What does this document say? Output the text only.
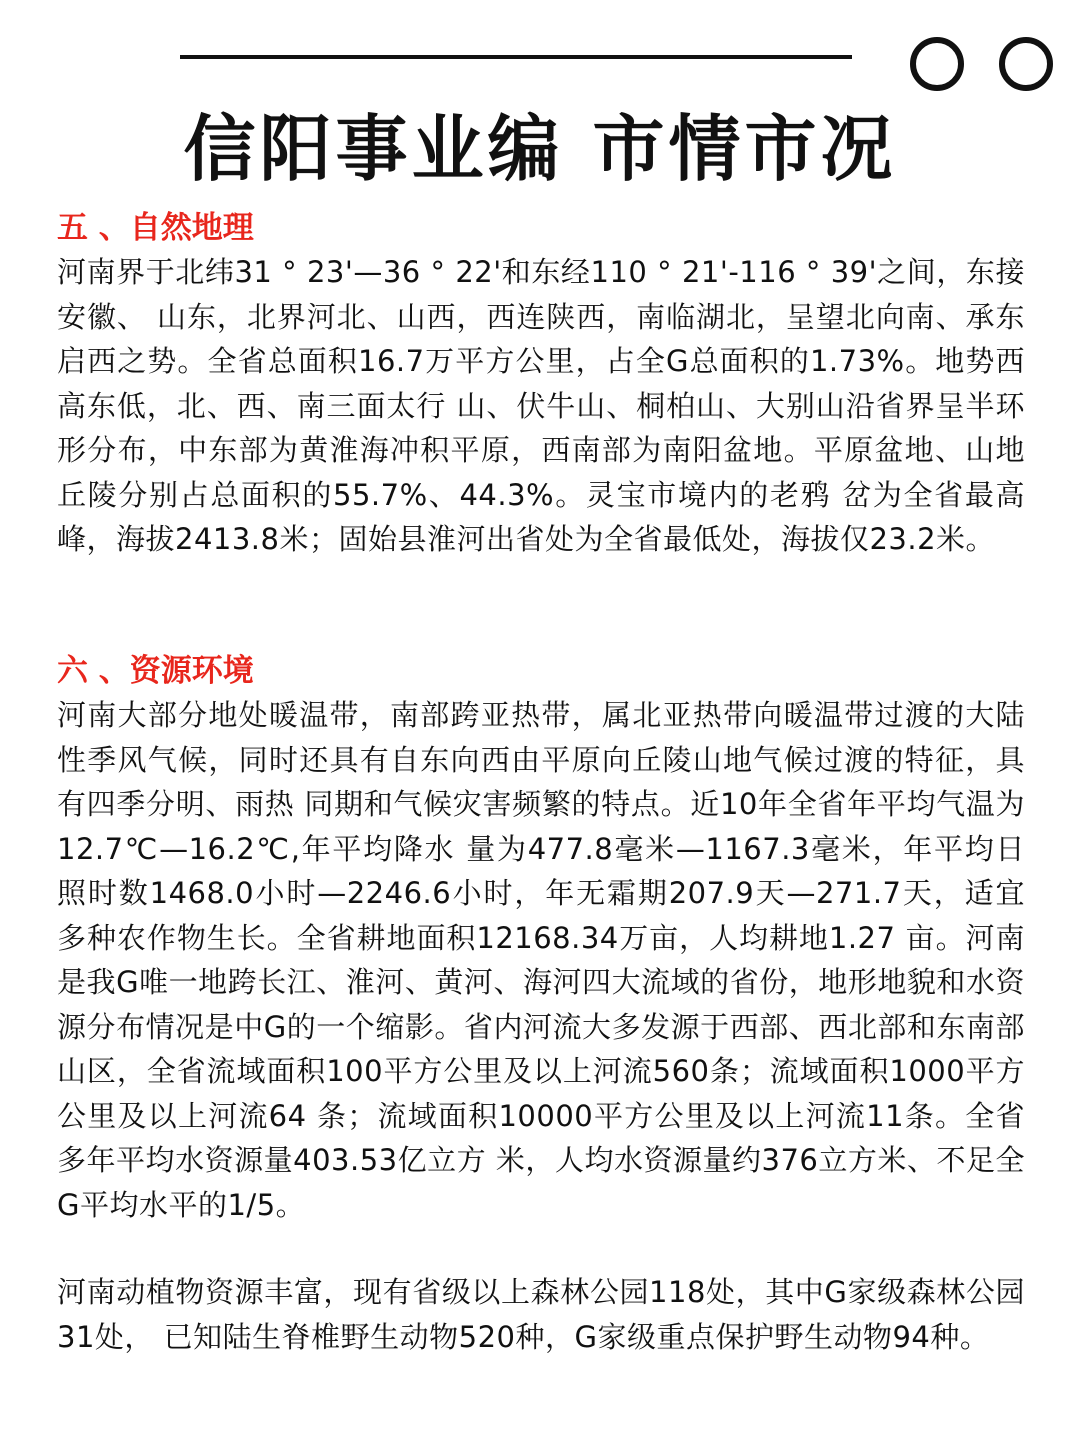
信阳事业编 市情市况
五 、自然地理
河南界于北纬31 ° 23'—36 ° 22'和东经110 ° 21'-116 ° 39'之间，东接安徽、 山东，北界河北、山西，西连陕西，南临湖北，呈望北向南、承东启西之势。全省总面积16.7万平方公里，占全G总面积的1.73%。地势西高东低，北、西、南三面太行 山、伏牛山、桐柏山、大别山沿省界呈半环形分布，中东部为黄淮海冲积平原，西南部为南阳盆地。平原盆地、山地丘陵分别占总面积的55.7%、44.3%。灵宝市境内的老鸦 岔为全省最高峰，海拔2413.8米；固始县淮河出省处为全省最低处，海拔仅23.2米。
六 、资源环境
河南大部分地处暖温带，南部跨亚热带，属北亚热带向暖温带过渡的大陆性季风气候，同时还具有自东向西由平原向丘陵山地气候过渡的特征，具有四季分明、雨热 同期和气候灾害频繁的特点。近10年全省年平均气温为12.7℃—16.2℃,年平均降水 量为477.8毫米—1167.3毫米，年平均日照时数1468.0小时—2246.6小时，年无霜期207.9天—271.7天，适宜多种农作物生长。全省耕地面积12168.34万亩，人均耕地1.27 亩。河南是我G唯一地跨长江、淮河、黄河、海河四大流域的省份，地形地貌和水资 源分布情况是中G的一个缩影。省内河流大多发源于西部、西北部和东南部山区，全省流域面积100平方公里及以上河流560条；流域面积1000平方公里及以上河流64 条；流域面积10000平方公里及以上河流11条。全省多年平均水资源量403.53亿立方 米，人均水资源量约376立方米、不足全G平均水平的1/5。
河南动植物资源丰富，现有省级以上森林公园118处，其中G家级森林公园31处， 已知陆生脊椎野生动物520种，G家级重点保护野生动物94种。
